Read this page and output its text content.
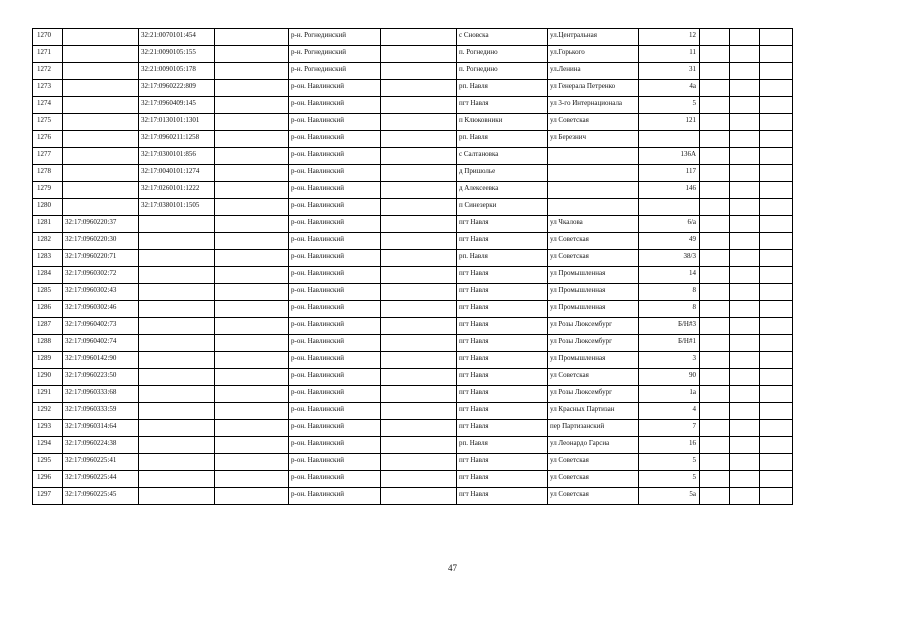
1270		32:21:0070101:454		р-н. Рогнединский		с Сновска	ул.Центральная	12			
1271		32:21:0090105:155		р-н. Рогнединский		п. Рогнедино	ул.Горького	11			
1272		32:21:0090105:178		р-н. Рогнединский		п. Рогнедино	ул.Ленина	31			
1273		32:17:0960222:809		р-он. Навлинский		рп. Навля	ул Генерала Петренко	4а			
1274		32:17:0960409:145		р-он. Навлинский		пгт Навля	ул 3-го Интернационала	5			
1275		32:17:0130101:1301		р-он. Навлинский		п Клюковники	ул Советская	121			
1276		32:17:0960211:1258		р-он. Навлинский		рп. Навля	ул Березнич				
1277		32:17:0300101:856		р-он. Навлинский		с Салтановка		136А			
1278		32:17:0040101:1274		р-он. Навлинский		д Пришолье		117			
1279		32:17:0260101:1222		р-он. Навлинский		д Алексеевка		146			
1280		32:17:0380101:1505		р-он. Навлинский		п Синезерки					
1281	32:17:0960220:37			р-он. Навлинский		пгт Навля	ул Чкалова	6/а			
1282	32:17:0960220:30			р-он. Навлинский		пгт Навля	ул Советская	49			
1283	32:17:0960220:71			р-он. Навлинский		рп. Навля	ул Советская	38/3			
1284	32:17:0960302:72			р-он. Навлинский		пгт Навля	ул Промышленная	14			
1285	32:17:0960302:43			р-он. Навлинский		пгт Навля	ул Промышленная	8			
1286	32:17:0960302:46			р-он. Навлинский		пгт Навля	ул Промышленная	8			
1287	32:17:0960402:73			р-он. Навлинский		пгт Навля	ул Розы Люксембург	Б/Н#3			
1288	32:17:0960402:74			р-он. Навлинский		пгт Навля	ул Розы Люксембург	Б/Н#1			
1289	32:17:0960142:90			р-он. Навлинский		пгт Навля	ул Промышленная	3			
1290	32:17:0960223:50			р-он. Навлинский		пгт Навля	ул Советская	90			
1291	32:17:0960333:68			р-он. Навлинский		пгт Навля	ул Розы Люксембург	1а			
1292	32:17:0960333:59			р-он. Навлинский		пгт Навля	ул Красных Партизан	4			
1293	32:17:0960314:64			р-он. Навлинский		пгт Навля	пер Партизанский	7			
1294	32:17:0960224:38			р-он. Навлинский		рп. Навля	ул Леонардо Гарсиа	16			
1295	32:17:0960225:41			р-он. Навлинский		пгт Навля	ул Советская	5			
1296	32:17:0960225:44			р-он. Навлинский		пгт Навля	ул Советская	5			
1297	32:17:0960225:45			р-он. Навлинский		пгт Навля	ул Советская	5а			
47
